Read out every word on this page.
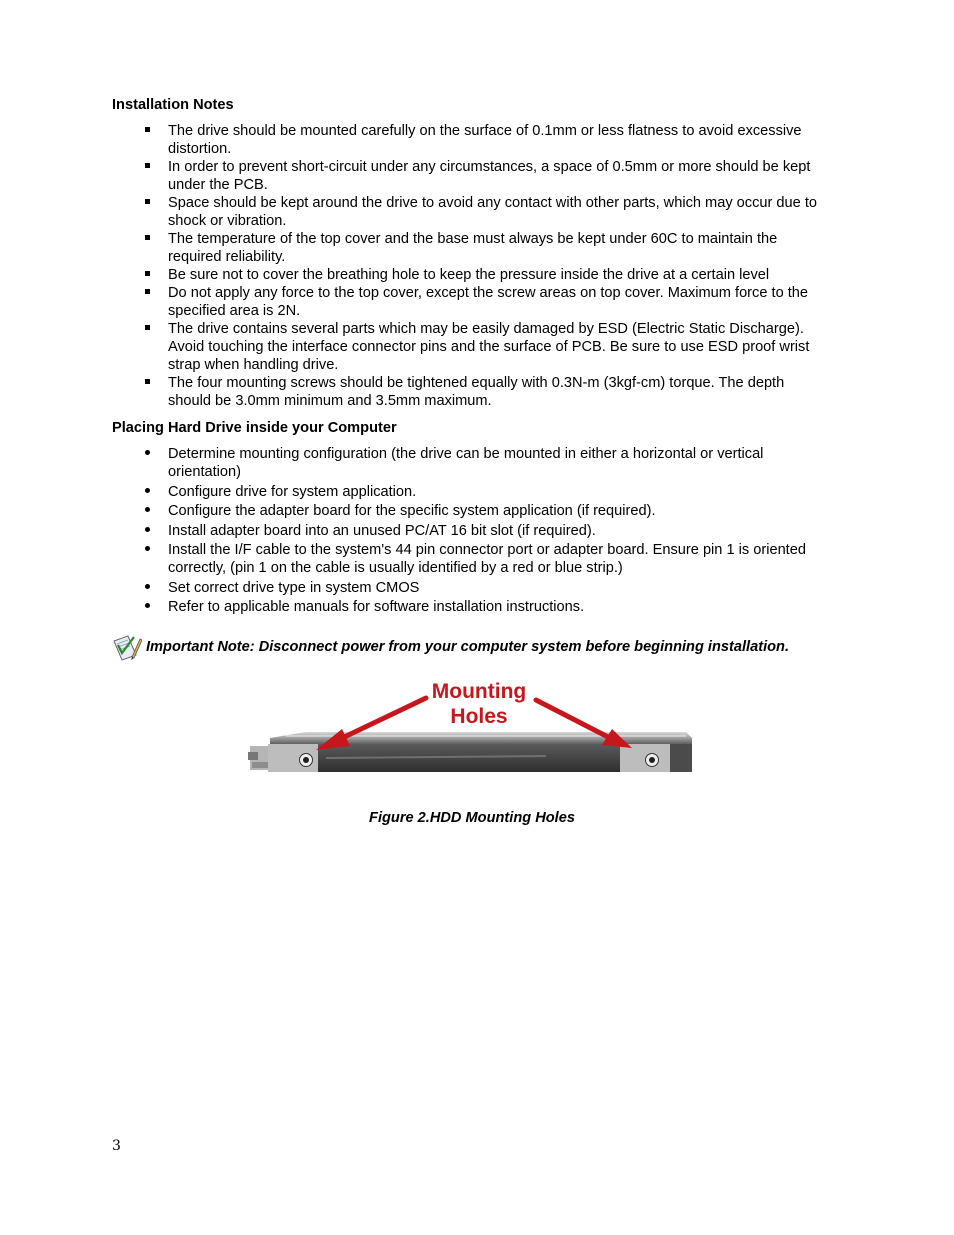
Installation Notes
The drive should be mounted carefully on the surface of 0.1mm or less flatness to avoid excessive distortion.
In order to prevent short-circuit under any circumstances, a space of 0.5mm or more should be kept under the PCB.
Space should be kept around the drive to avoid any contact with other parts, which may occur due to shock or vibration.
The temperature of the top cover and the base must always be kept under 60C to maintain the required reliability.
Be sure not to cover the breathing hole to keep the pressure inside the drive at a certain level
Do not apply any force to the top cover, except the screw areas on top cover. Maximum force to the specified area is 2N.
The drive contains several parts which may be easily damaged by ESD (Electric Static Discharge). Avoid touching the interface connector pins and the surface of PCB. Be sure to use ESD proof wrist strap when handling drive.
The four mounting screws should be tightened equally with 0.3N-m (3kgf-cm) torque. The depth should be 3.0mm minimum and 3.5mm maximum.
Placing Hard Drive inside your Computer
Determine mounting configuration (the drive can be mounted in either a horizontal or vertical orientation)
Configure drive for system application.
Configure the adapter board for the specific system application (if required).
Install adapter board into an unused PC/AT 16 bit slot (if required).
Install the I/F cable to the system's 44 pin connector port or adapter board. Ensure pin 1 is oriented correctly, (pin 1 on the cable is usually identified by a red or blue strip.)
Set correct drive type in system CMOS
Refer to applicable manuals for software installation instructions.
Important Note: Disconnect power from your computer system before beginning installation.
Mounting
Holes
Figure 2.HDD Mounting Holes
3
